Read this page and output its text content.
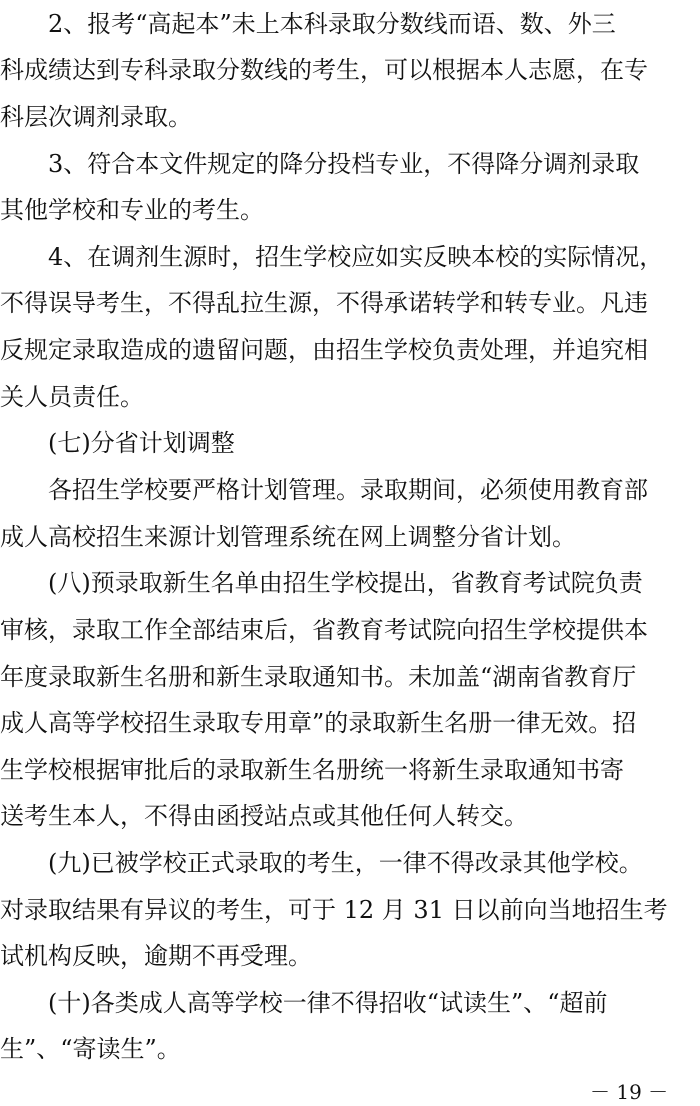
　　2、报考“高起本”未上本科录取分数线而语、数、外三
科成绩达到专科录取分数线的考生，可以根据本人志愿，在专
科层次调剂录取。
　　3、符合本文件规定的降分投档专业，不得降分调剂录取
其他学校和专业的考生。
　　4、在调剂生源时，招生学校应如实反映本校的实际情况，
不得误导考生，不得乱拉生源，不得承诺转学和转专业。凡违
反规定录取造成的遗留问题，由招生学校负责处理，并追究相
关人员责任。
　　(七)分省计划调整
　　各招生学校要严格计划管理。录取期间，必须使用教育部
成人高校招生来源计划管理系统在网上调整分省计划。
　　(八)预录取新生名单由招生学校提出，省教育考试院负责
审核，录取工作全部结束后，省教育考试院向招生学校提供本
年度录取新生名册和新生录取通知书。未加盖“湖南省教育厅
成人高等学校招生录取专用章”的录取新生名册一律无效。招
生学校根据审批后的录取新生名册统一将新生录取通知书寄
送考生本人，不得由函授站点或其他任何人转交。
　　(九)已被学校正式录取的考生，一律不得改录其他学校。
对录取结果有异议的考生，可于 12 月 31 日以前向当地招生考
试机构反映，逾期不再受理。
　　(十)各类成人高等学校一律不得招收“试读生”、“超前
生”、“寄读生”。
－ 19 －
